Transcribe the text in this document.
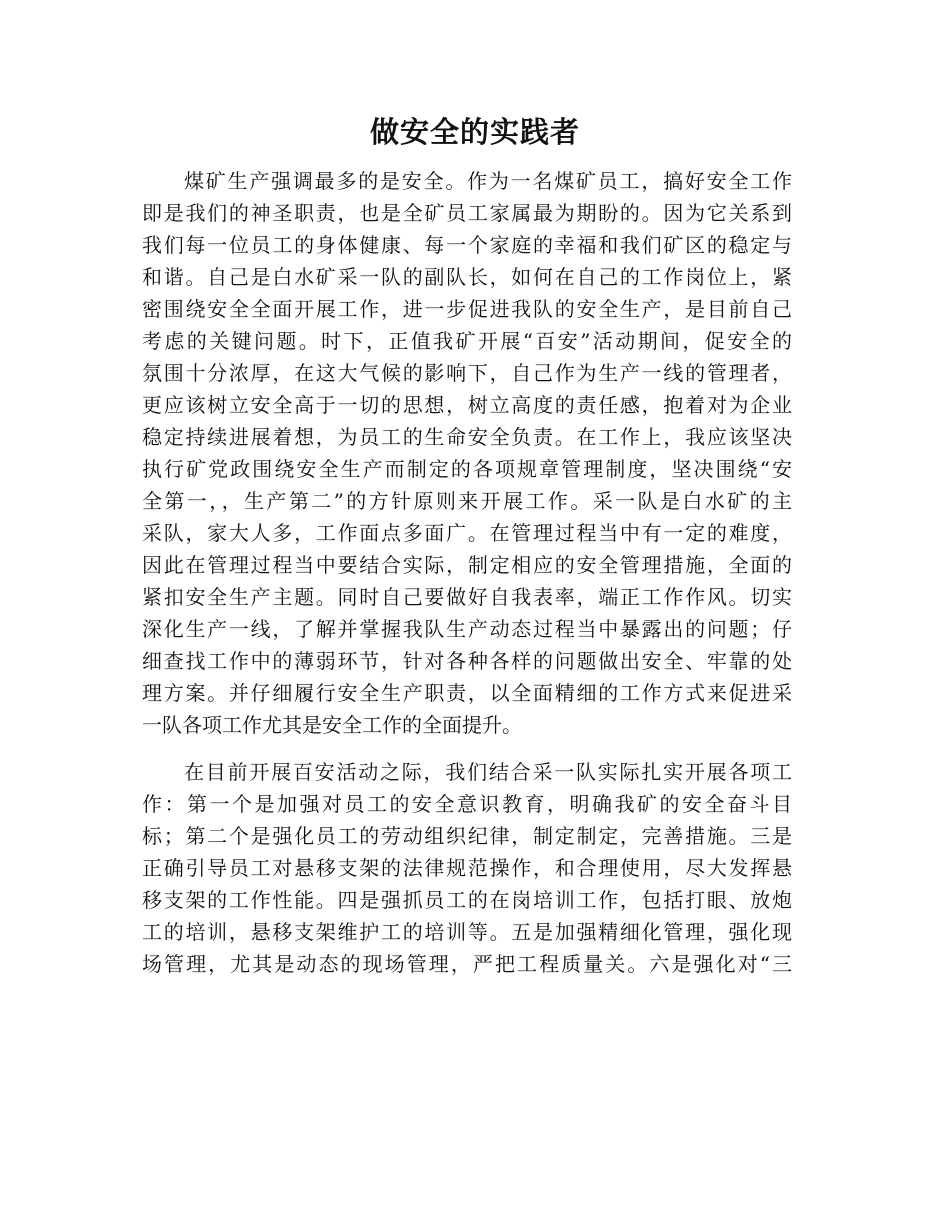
做安全的实践者
煤矿生产强调最多的是安全。作为一名煤矿员工，搞好安全工作
即是我们的神圣职责，也是全矿员工家属最为期盼的。因为它关系到
我们每一位员工的身体健康、每一个家庭的幸福和我们矿区的稳定与
和谐。自己是白水矿采一队的副队长，如何在自己的工作岗位上，紧
密围绕安全全面开展工作，进一步促进我队的安全生产，是目前自己
考虑的关键问题。时下，正值我矿开展“百安”活动期间，促安全的
氛围十分浓厚，在这大气候的影响下，自己作为生产一线的管理者，
更应该树立安全高于一切的思想，树立高度的责任感，抱着对为企业
稳定持续进展着想，为员工的生命安全负责。在工作上，我应该坚决
执行矿党政围绕安全生产而制定的各项规章管理制度，坚决围绕“安
全第一，，生产第二”的方针原则来开展工作。采一队是白水矿的主
采队，家大人多，工作面点多面广。在管理过程当中有一定的难度，
因此在管理过程当中要结合实际，制定相应的安全管理措施，全面的
紧扣安全生产主题。同时自己要做好自我表率，端正工作作风。切实
深化生产一线，了解并掌握我队生产动态过程当中暴露出的问题；仔
细查找工作中的薄弱环节，针对各种各样的问题做出安全、牢靠的处
理方案。并仔细履行安全生产职责，以全面精细的工作方式来促进采
一队各项工作尤其是安全工作的全面提升。
在目前开展百安活动之际，我们结合采一队实际扎实开展各项工
作：第一个是加强对员工的安全意识教育，明确我矿的安全奋斗目
标；第二个是强化员工的劳动组织纪律，制定制定，完善措施。三是
正确引导员工对悬移支架的法律规范操作，和合理使用，尽大发挥悬
移支架的工作性能。四是强抓员工的在岗培训工作，包括打眼、放炮
工的培训，悬移支架维护工的培训等。五是加强精细化管理，强化现
场管理，尤其是动态的现场管理，严把工程质量关。六是强化对“三
